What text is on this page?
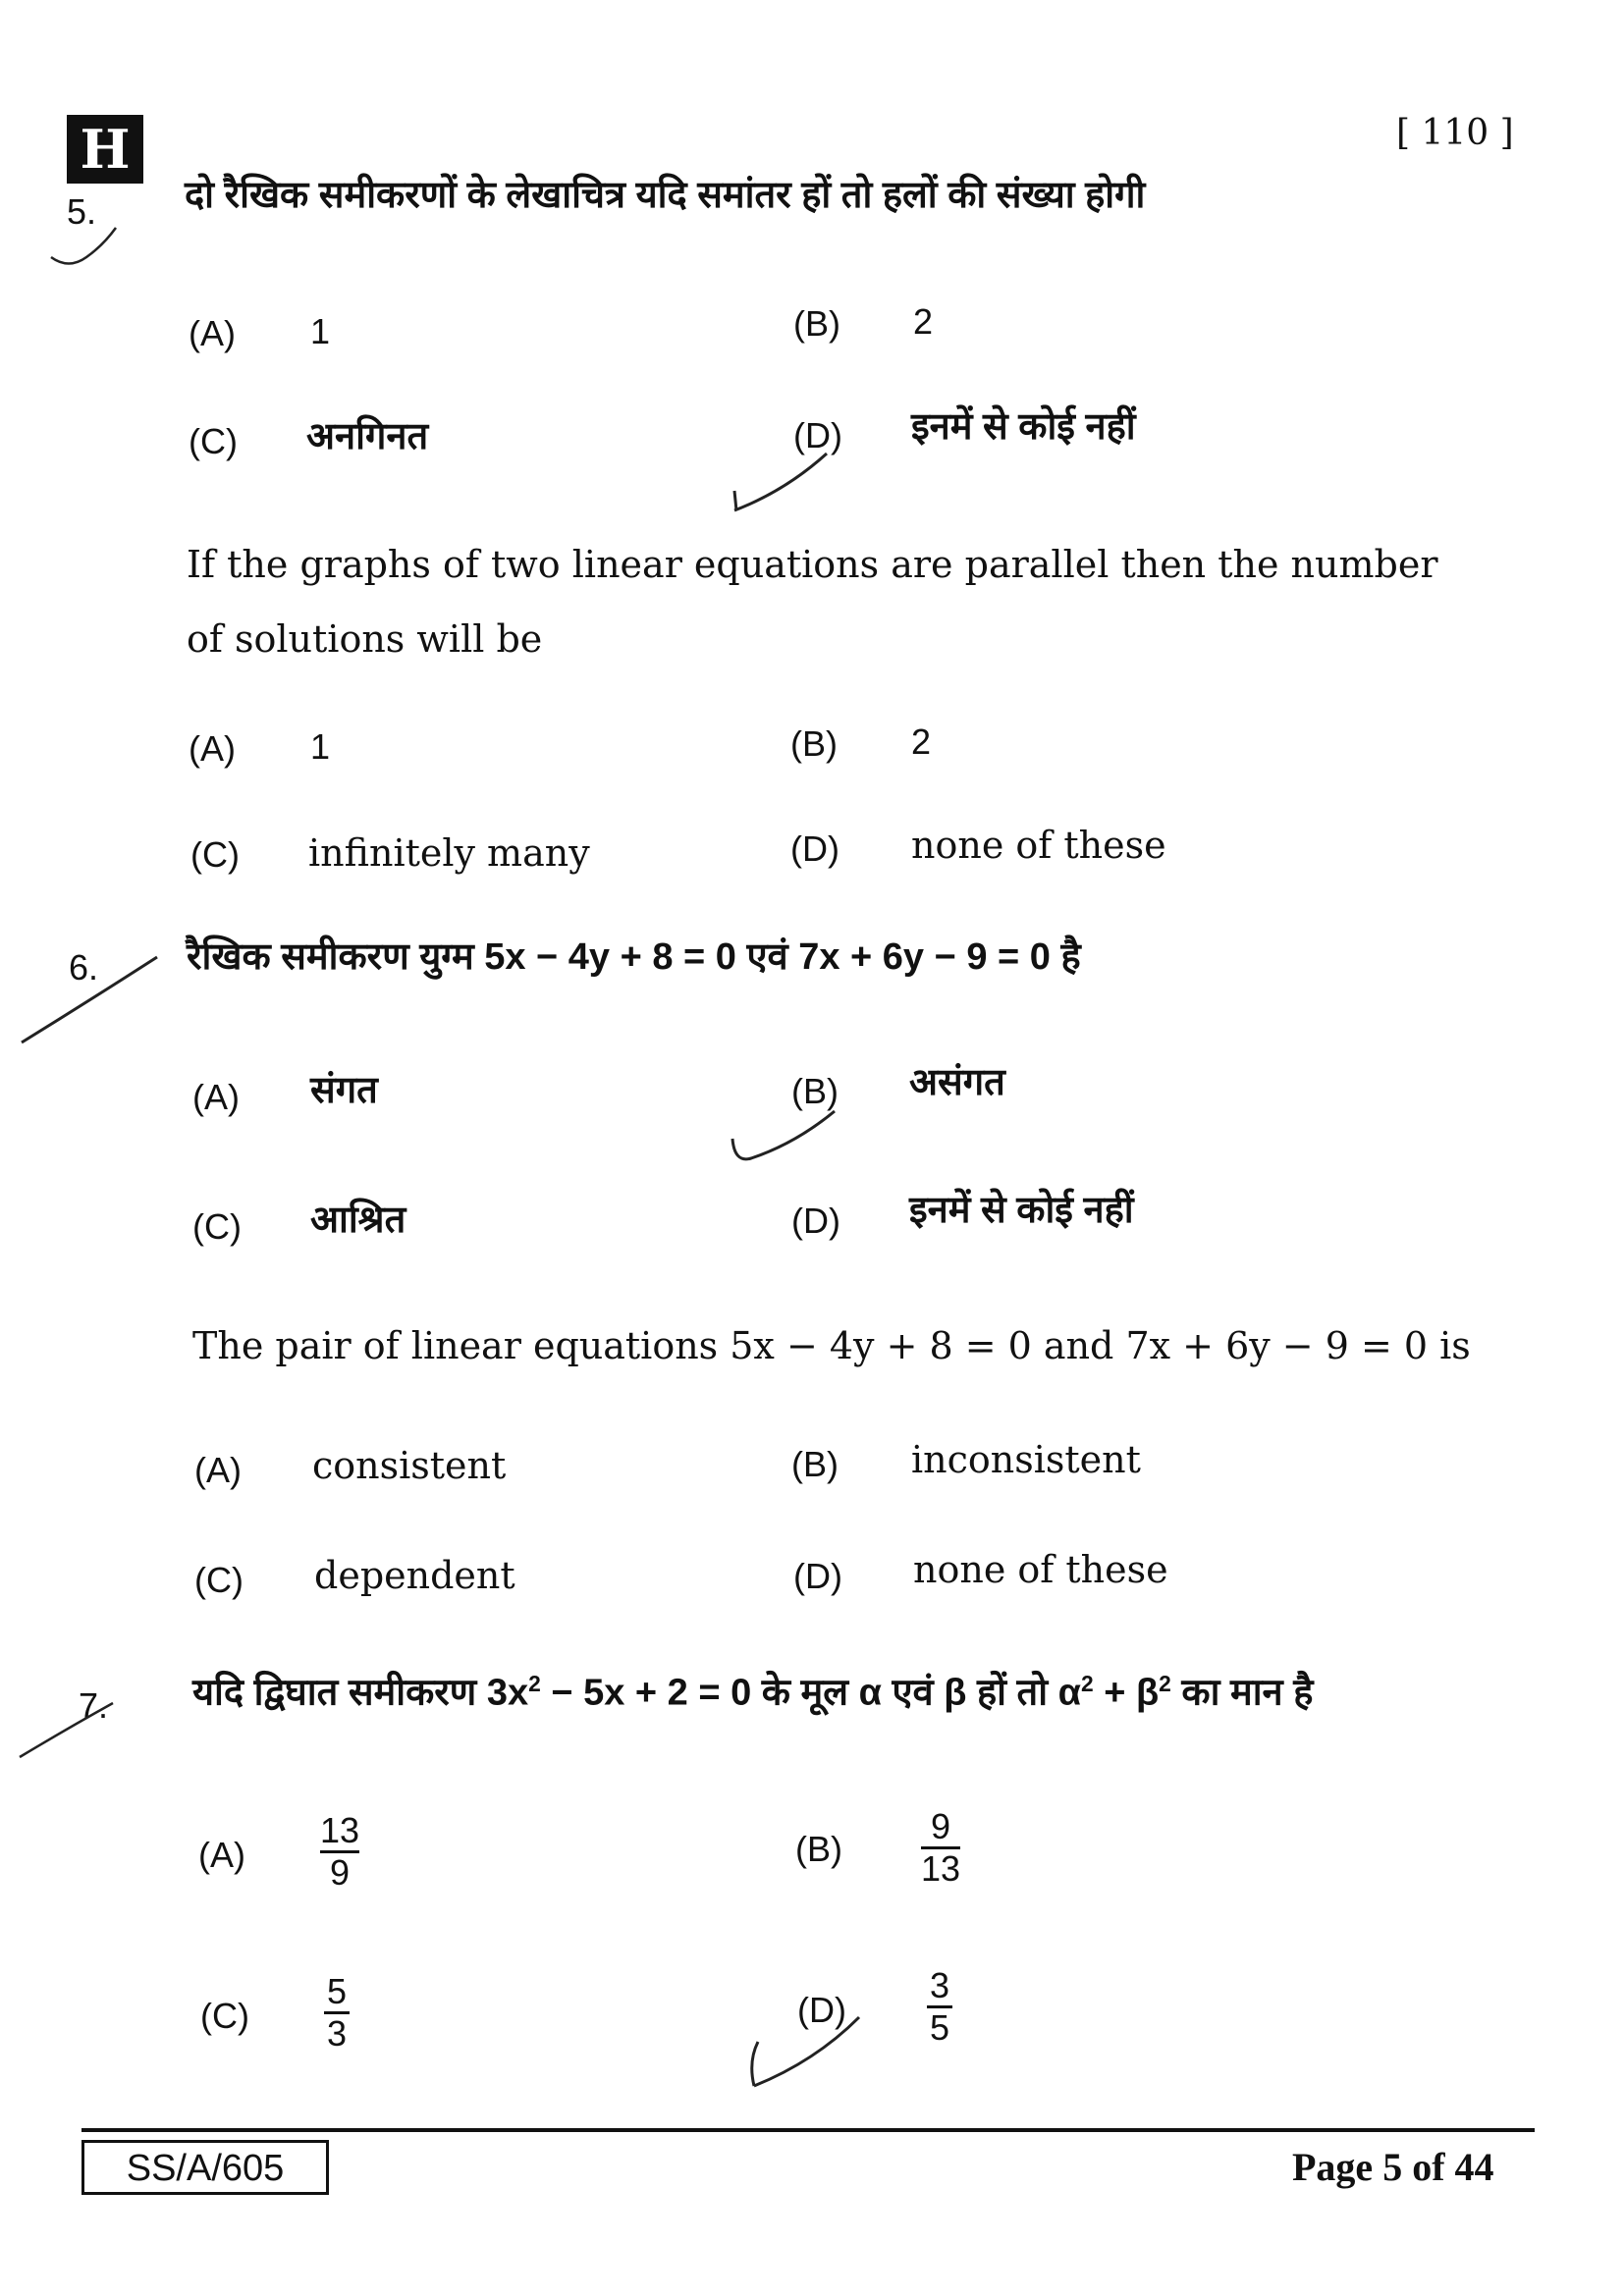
H	[ 110 ]
5. दो रैखिक समीकरणों के लेखाचित्र यदि समांतर हों तो हलों की संख्या होगी
(A) 1	(B) 2
(C) अनगिनत	(D) इनमें से कोई नहीं
If the graphs of two linear equations are parallel then the number
of solutions will be
(A) 1	(B) 2
(C) infinitely many	(D) none of these
6. रैखिक समीकरण युग्म 5x − 4y + 8 = 0 एवं 7x + 6y − 9 = 0 है
(A) संगत	(B) असंगत
(C) आश्रित	(D) इनमें से कोई नहीं
The pair of linear equations 5x − 4y + 8 = 0 and 7x + 6y − 9 = 0 is
(A) consistent	(B) inconsistent
(C) dependent	(D) none of these
7. यदि द्विघात समीकरण $3x^2 - 5x + 2 = 0$ के मूल α एवं β हों तो $\alpha^2 + \beta^2$ का मान है
(A)
13
9
(B)
9
13
(C)
5
3
(D)
3
5
SS/A/605	Page 5 of 44
